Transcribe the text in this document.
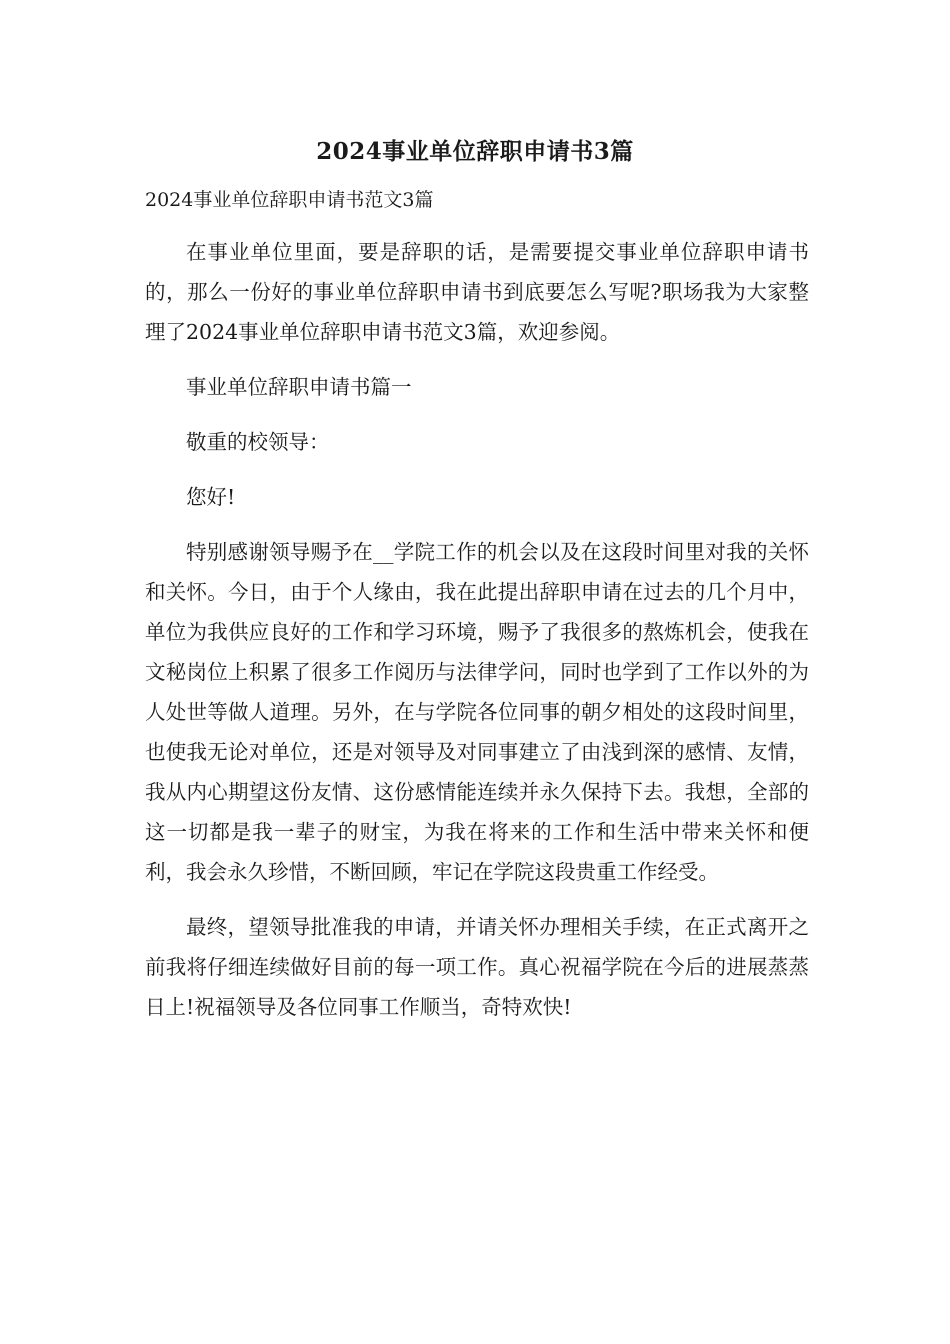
2024事业单位辞职申请书3篇
2024事业单位辞职申请书范文3篇

在事业单位里面，要是辞职的话，是需要提交事业单位辞职申请书的，那么一份好的事业单位辞职申请书到底要怎么写呢?职场我为大家整理了2024事业单位辞职申请书范文3篇，欢迎参阅。

事业单位辞职申请书篇一

敬重的校领导：

您好!

特别感谢领导赐予在__学院工作的机会以及在这段时间里对我的关怀和关怀。今日，由于个人缘由，我在此提出辞职申请在过去的几个月中，单位为我供应良好的工作和学习环境，赐予了我很多的熬炼机会，使我在文秘岗位上积累了很多工作阅历与法律学问，同时也学到了工作以外的为人处世等做人道理。另外，在与学院各位同事的朝夕相处的这段时间里，也使我无论对单位，还是对领导及对同事建立了由浅到深的感情、友情，我从内心期望这份友情、这份感情能连续并永久保持下去。我想，全部的这一切都是我一辈子的财宝，为我在将来的工作和生活中带来关怀和便利，我会永久珍惜，不断回顾，牢记在学院这段贵重工作经受。

最终，望领导批准我的申请，并请关怀办理相关手续，在正式离开之前我将仔细连续做好目前的每一项工作。真心祝福学院在今后的进展蒸蒸日上!祝福领导及各位同事工作顺当，奇特欢快!
